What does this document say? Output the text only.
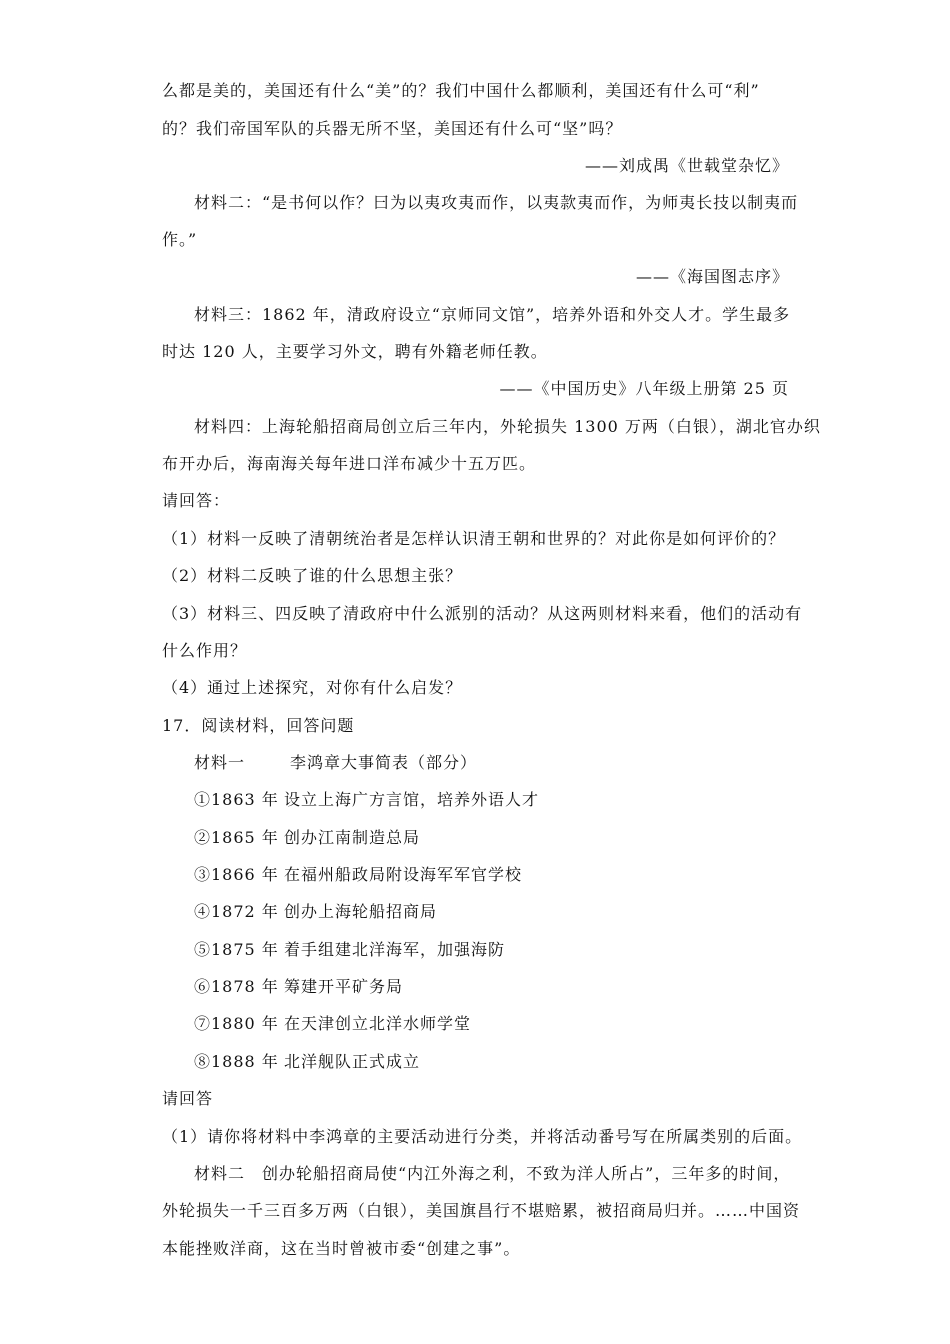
么都是美的，美国还有什么“美”的？我们中国什么都顺利，美国还有什么可“利”
的？我们帝国军队的兵器无所不坚，美国还有什么可“坚”吗？
——刘成禺《世载堂杂忆》
材料二：“是书何以作？曰为以夷攻夷而作，以夷款夷而作，为师夷长技以制夷而
作。”
——《海国图志序》
材料三：1862 年，清政府设立“京师同文馆”，培养外语和外交人才。学生最多
时达 120 人，主要学习外文，聘有外籍老师任教。
——《中国历史》八年级上册第 25 页
材料四：上海轮船招商局创立后三年内，外轮损失 1300 万两（白银），湖北官办织
布开办后，海南海关每年进口洋布减少十五万匹。
请回答：
（1）材料一反映了清朝统治者是怎样认识清王朝和世界的？对此你是如何评价的？
（2）材料二反映了谁的什么思想主张？
（3）材料三、四反映了清政府中什么派别的活动？从这两则材料来看，他们的活动有
什么作用？
（4）通过上述探究，对你有什么启发？
17．阅读材料，回答问题
材料一	李鸿章大事简表（部分）
①1863 年 设立上海广方言馆，培养外语人才
②1865 年 创办江南制造总局
③1866 年 在福州船政局附设海军军官学校
④1872 年 创办上海轮船招商局
⑤1875 年 着手组建北洋海军，加强海防
⑥1878 年 筹建开平矿务局
⑦1880 年 在天津创立北洋水师学堂
⑧1888 年 北洋舰队正式成立
请回答
（1）请你将材料中李鸿章的主要活动进行分类，并将活动番号写在所属类别的后面。
材料二　创办轮船招商局使“内江外海之利，不致为洋人所占”，三年多的时间，
外轮损失一千三百多万两（白银），美国旗昌行不堪赔累，被招商局归并。……中国资
本能挫败洋商，这在当时曾被市委“创建之事”。
